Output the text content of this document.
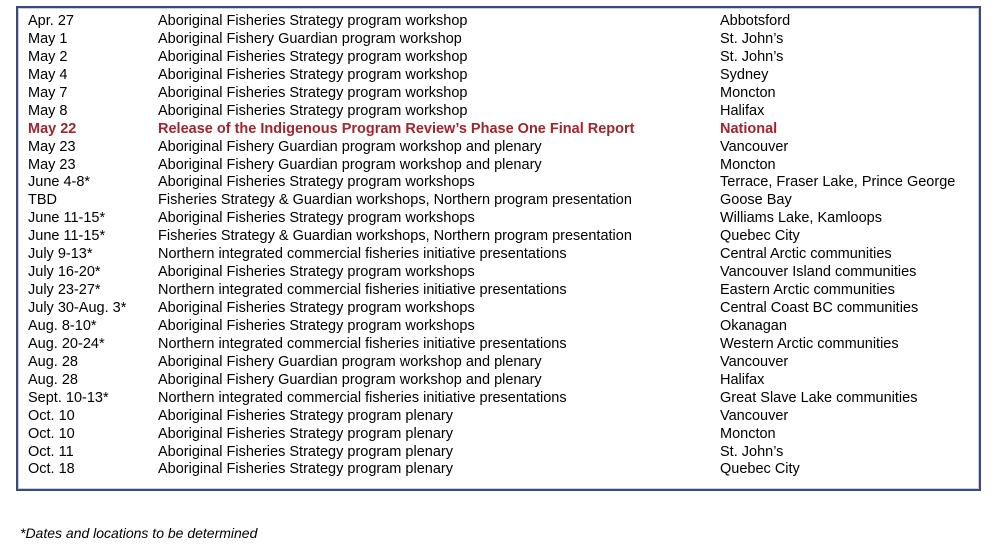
Apr. 27	Aboriginal Fisheries Strategy program workshop	Abbotsford
May 1	Aboriginal Fishery Guardian program workshop	St. John’s
May 2	Aboriginal Fisheries Strategy program workshop	St. John’s
May 4	Aboriginal Fisheries Strategy program workshop	Sydney
May 7	Aboriginal Fisheries Strategy program workshop	Moncton
May 8	Aboriginal Fisheries Strategy program workshop	Halifax
May 22	Release of the Indigenous Program Review’s Phase One Final Report	National
May 23	Aboriginal Fishery Guardian program workshop and plenary	Vancouver
May 23	Aboriginal Fishery Guardian program workshop and plenary	Moncton
June 4-8*	Aboriginal Fisheries Strategy program workshops	Terrace, Fraser Lake, Prince George
TBD	Fisheries Strategy & Guardian workshops, Northern program presentation	Goose Bay
June 11-15*	Aboriginal Fisheries Strategy program workshops	Williams Lake, Kamloops
June 11-15*	Fisheries Strategy & Guardian workshops, Northern program presentation	Quebec City
July 9-13*	Northern integrated commercial fisheries initiative presentations	Central Arctic communities
July 16-20*	Aboriginal Fisheries Strategy program workshops	Vancouver Island communities
July 23-27*	Northern integrated commercial fisheries initiative presentations	Eastern Arctic communities
July 30-Aug. 3* Aboriginal Fisheries Strategy program workshops	Central Coast BC communities
Aug. 8-10*	Aboriginal Fisheries Strategy program workshops	Okanagan
Aug. 20-24*	Northern integrated commercial fisheries initiative presentations	Western Arctic communities
Aug. 28	Aboriginal Fishery Guardian program workshop and plenary	Vancouver
Aug. 28	Aboriginal Fishery Guardian program workshop and plenary	Halifax
Sept. 10-13*	Northern integrated commercial fisheries initiative presentations	Great Slave Lake communities
Oct. 10	Aboriginal Fisheries Strategy program plenary	Vancouver
Oct. 10	Aboriginal Fisheries Strategy program plenary	Moncton
Oct. 11	Aboriginal Fisheries Strategy program plenary	St. John’s
Oct. 18	Aboriginal Fisheries Strategy program plenary	Quebec City
*Dates and locations to be determined
